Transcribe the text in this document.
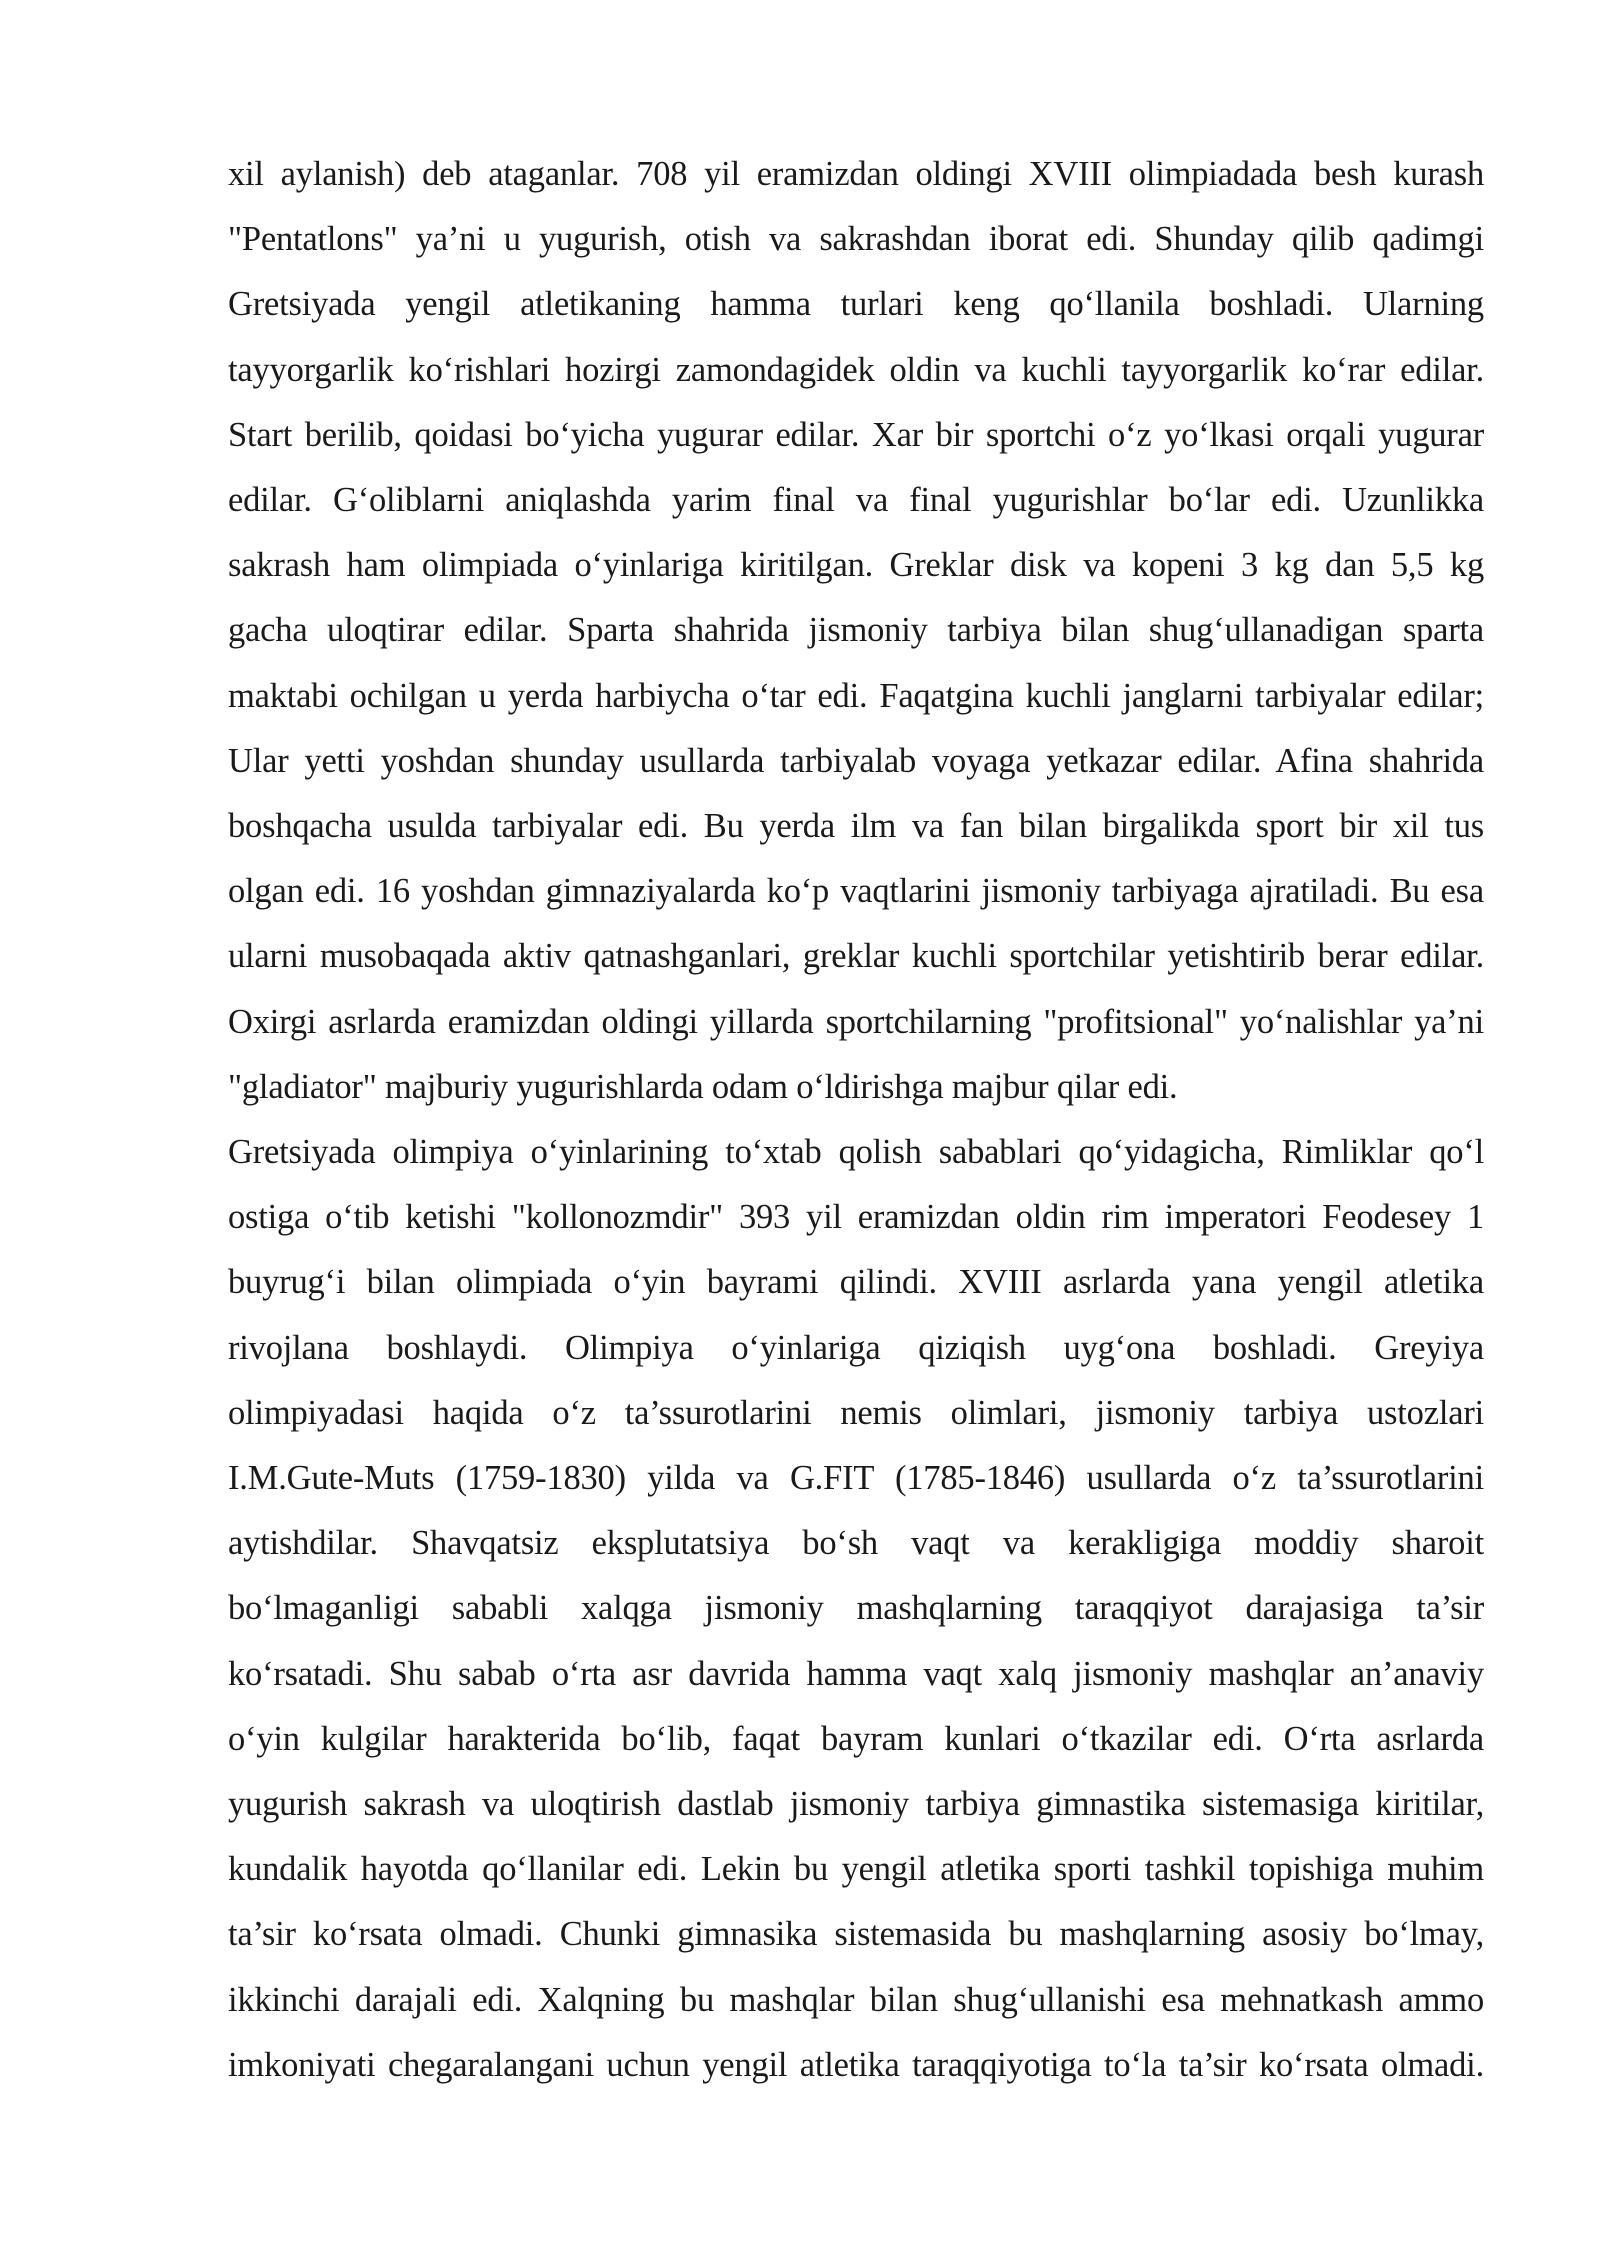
xil aylanish) deb ataganlar. 708 yil eramizdan oldingi XVIII olimpiadada besh kurash
"Pentatlons" ya’ni u yugurish, otish va sakrashdan iborat edi. Shunday qilib qadimgi
Gretsiyada yengil atletikaning hamma turlari keng qo‘llanila boshladi. Ularning
tayyorgarlik ko‘rishlari hozirgi zamondagidek oldin va kuchli tayyorgarlik ko‘rar edilar.
Start berilib, qoidasi bo‘yicha yugurar edilar. Xar bir sportchi o‘z yo‘lkasi orqali yugurar
edilar. G‘oliblarni aniqlashda yarim final va final yugurishlar bo‘lar edi. Uzunlikka
sakrash ham olimpiada o‘yinlariga kiritilgan. Greklar disk va kopeni 3 kg dan 5,5 kg
gacha uloqtirar edilar. Sparta shahrida jismoniy tarbiya bilan shug‘ullanadigan sparta
maktabi ochilgan u yerda harbiycha o‘tar edi. Faqatgina kuchli janglarni tarbiyalar edilar;
Ular yetti yoshdan shunday usullarda tarbiyalab voyaga yetkazar edilar. Afina shahrida
boshqacha usulda tarbiyalar edi. Bu yerda ilm va fan bilan birgalikda sport bir xil tus
olgan edi. 16 yoshdan gimnaziyalarda ko‘p vaqtlarini jismoniy tarbiyaga ajratiladi. Bu esa
ularni musobaqada aktiv qatnashganlari, greklar kuchli sportchilar yetishtirib berar edilar.
Oxirgi asrlarda eramizdan oldingi yillarda sportchilarning "profitsional" yo‘nalishlar ya’ni
"gladiator" majburiy yugurishlarda odam o‘ldirishga majbur qilar edi.
Gretsiyada olimpiya o‘yinlarining to‘xtab qolish sabablari qo‘yidagicha, Rimliklar qo‘l
ostiga o‘tib ketishi "kollonozmdir" 393 yil eramizdan oldin rim imperatori Feodesey 1
buyrug‘i bilan olimpiada o‘yin bayrami qilindi. XVIII asrlarda yana yengil atletika
rivojlana boshlaydi. Olimpiya o‘yinlariga qiziqish uyg‘ona boshladi. Greyiya
olimpiyadasi haqida o‘z ta’ssurotlarini nemis olimlari, jismoniy tarbiya ustozlari
I.M.Gute-Muts (1759-1830) yilda va G.FIT (1785-1846) usullarda o‘z ta’ssurotlarini
aytishdilar. Shavqatsiz eksplutatsiya bo‘sh vaqt va kerakligiga moddiy sharoit
bo‘lmaganligi sababli xalqga jismoniy mashqlarning taraqqiyot darajasiga ta’sir
ko‘rsatadi. Shu sabab o‘rta asr davrida hamma vaqt xalq jismoniy mashqlar an’anaviy
o‘yin kulgilar harakterida bo‘lib, faqat bayram kunlari o‘tkazilar edi. O‘rta asrlarda
yugurish sakrash va uloqtirish dastlab jismoniy tarbiya gimnastika sistemasiga kiritilar,
kundalik hayotda qo‘llanilar edi. Lekin bu yengil atletika sporti tashkil topishiga muhim
ta’sir ko‘rsata olmadi. Chunki gimnasika sistemasida bu mashqlarning asosiy bo‘lmay,
ikkinchi darajali edi. Xalqning bu mashqlar bilan shug‘ullanishi esa mehnatkash ammo
imkoniyati chegaralangani uchun yengil atletika taraqqiyotiga to‘la ta’sir ko‘rsata olmadi.
